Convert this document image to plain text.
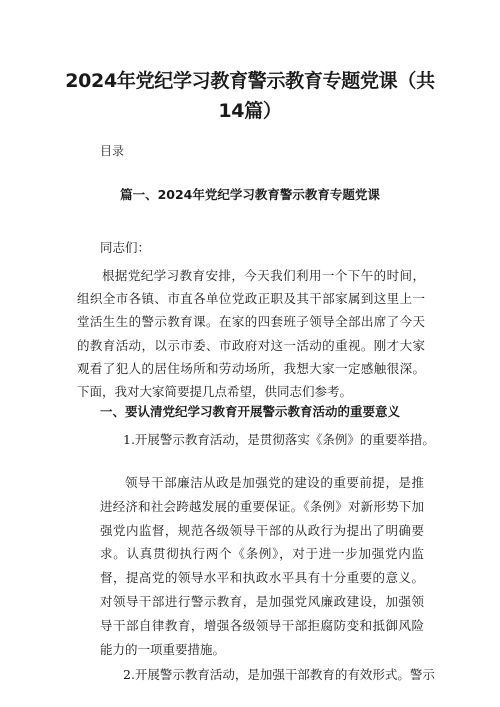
2024年党纪学习教育警示教育专题党课（共14篇）
目录
篇一、2024年党纪学习教育警示教育专题党课
同志们：
根据党纪学习教育安排，今天我们利用一个下午的时间，组织全市各镇、市直各单位党政正职及其干部家属到这里上一堂活生生的警示教育课。在家的四套班子领导全部出席了今天的教育活动，以示市委、市政府对这一活动的重视。刚才大家观看了犯人的居住场所和劳动场所，我想大家一定感触很深。下面，我对大家简要提几点希望，供同志们参考。
一、要认清党纪学习教育开展警示教育活动的重要意义
1.开展警示教育活动，是贯彻落实《条例》的重要举措。
领导干部廉洁从政是加强党的建设的重要前提，是推进经济和社会跨越发展的重要保证。《条例》对新形势下加强党内监督，规范各级领导干部的从政行为提出了明确要求。认真贯彻执行两个《条例》，对于进一步加强党内监督，提高党的领导水平和执政水平具有十分重要的意义。对领导干部进行警示教育，是加强党风廉政建设，加强领导干部自律教育，增强各级领导干部拒腐防变和抵御风险能力的一项重要措施。
2.开展警示教育活动，是加强干部教育的有效形式。警示
